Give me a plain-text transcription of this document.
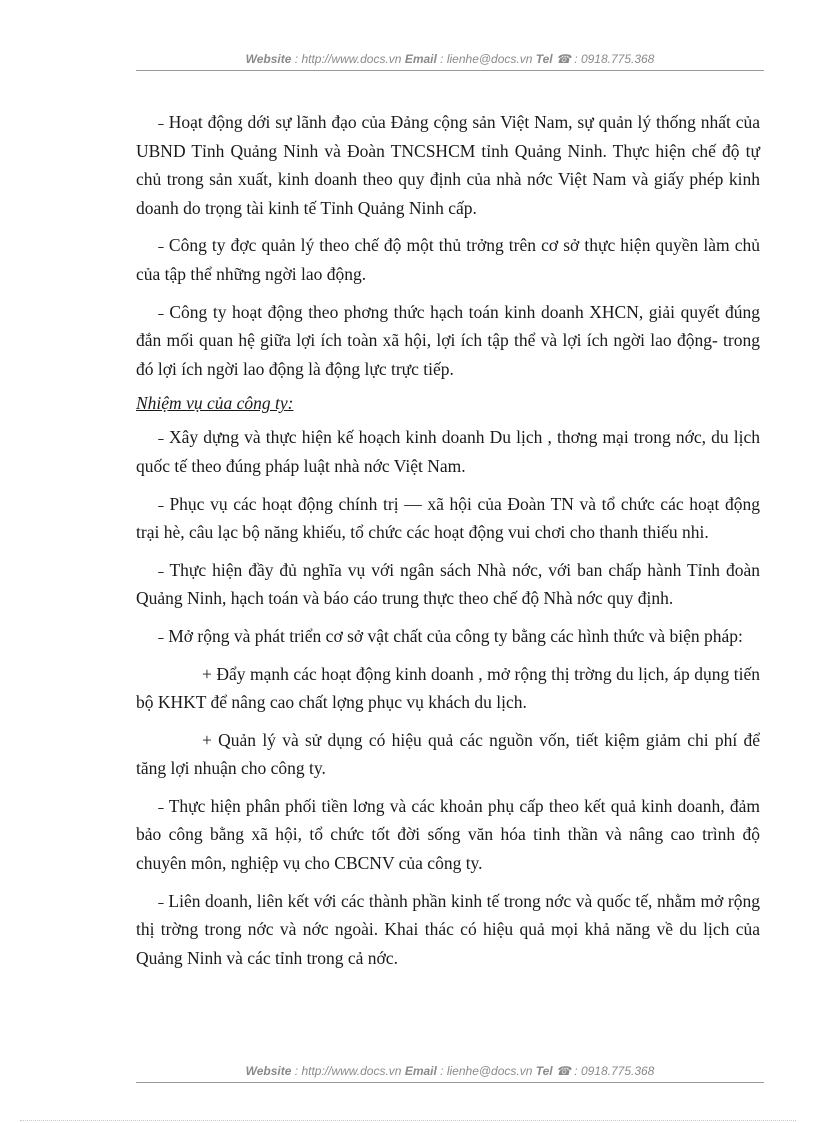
Website : http://www.docs.vn Email : lienhe@docs.vn Tel ☎ : 0918.775.368

˗ Hoạt động dới sự lãnh đạo của Đảng cộng sản Việt Nam, sự quản lý thống nhất của UBND Tỉnh Quảng Ninh và Đoàn TNCSHCM tỉnh Quảng Ninh. Thực hiện chế độ tự chủ trong sản xuất, kinh doanh theo quy định của nhà nớc Việt Nam và giấy phép kinh doanh do trọng tài kinh tế Tỉnh Quảng Ninh cấp.

˗ Công ty đợc quản lý theo chế độ một thủ trởng trên cơ sở thực hiện quyền làm chủ của tập thể những ngời lao động.

˗ Công ty hoạt động theo phơng thức hạch toán kinh doanh XHCN, giải quyết đúng đắn mối quan hệ giữa lợi ích toàn xã hội, lợi ích tập thể và lợi ích ngời lao động- trong đó lợi ích ngời lao động là động lực trực tiếp.

Nhiệm vụ của công ty:

˗ Xây dựng và thực hiện kế hoạch kinh doanh Du lịch , thơng mại trong nớc, du lịch quốc tế theo đúng pháp luật nhà nớc Việt Nam.

˗ Phục vụ các hoạt động chính trị — xã hội của Đoàn TN và tổ chức các hoạt động trại hè, câu lạc bộ năng khiếu, tổ chức các hoạt động vui chơi cho thanh thiếu nhi.

˗ Thực hiện đầy đủ nghĩa vụ với ngân sách Nhà nớc, với ban chấp hành Tỉnh đoàn Quảng Ninh, hạch toán và báo cáo trung thực theo chế độ Nhà nớc quy định.

˗ Mở rộng và phát triển cơ sở vật chất của công ty bằng các hình thức và biện pháp:

+ Đẩy mạnh các hoạt động kinh doanh , mở rộng thị trờng du lịch, áp dụng tiến bộ KHKT để nâng cao chất lợng phục vụ khách du lịch.

+ Quản lý và sử dụng có hiệu quả các nguồn vốn, tiết kiệm giảm chi phí để tăng lợi nhuận cho công ty.

˗ Thực hiện phân phối tiền lơng và các khoản phụ cấp theo kết quả kinh doanh, đảm bảo công bằng xã hội, tổ chức tốt đời sống văn hóa tinh thần và nâng cao trình độ chuyên môn, nghiệp vụ cho CBCNV của công ty.

˗ Liên doanh, liên kết với các thành phần kinh tế trong nớc và quốc tế, nhằm mở rộng thị trờng trong nớc và nớc ngoài. Khai thác có hiệu quả mọi khả năng về du lịch của Quảng Ninh và các tỉnh trong cả nớc.

Website : http://www.docs.vn Email : lienhe@docs.vn Tel ☎ : 0918.775.368
